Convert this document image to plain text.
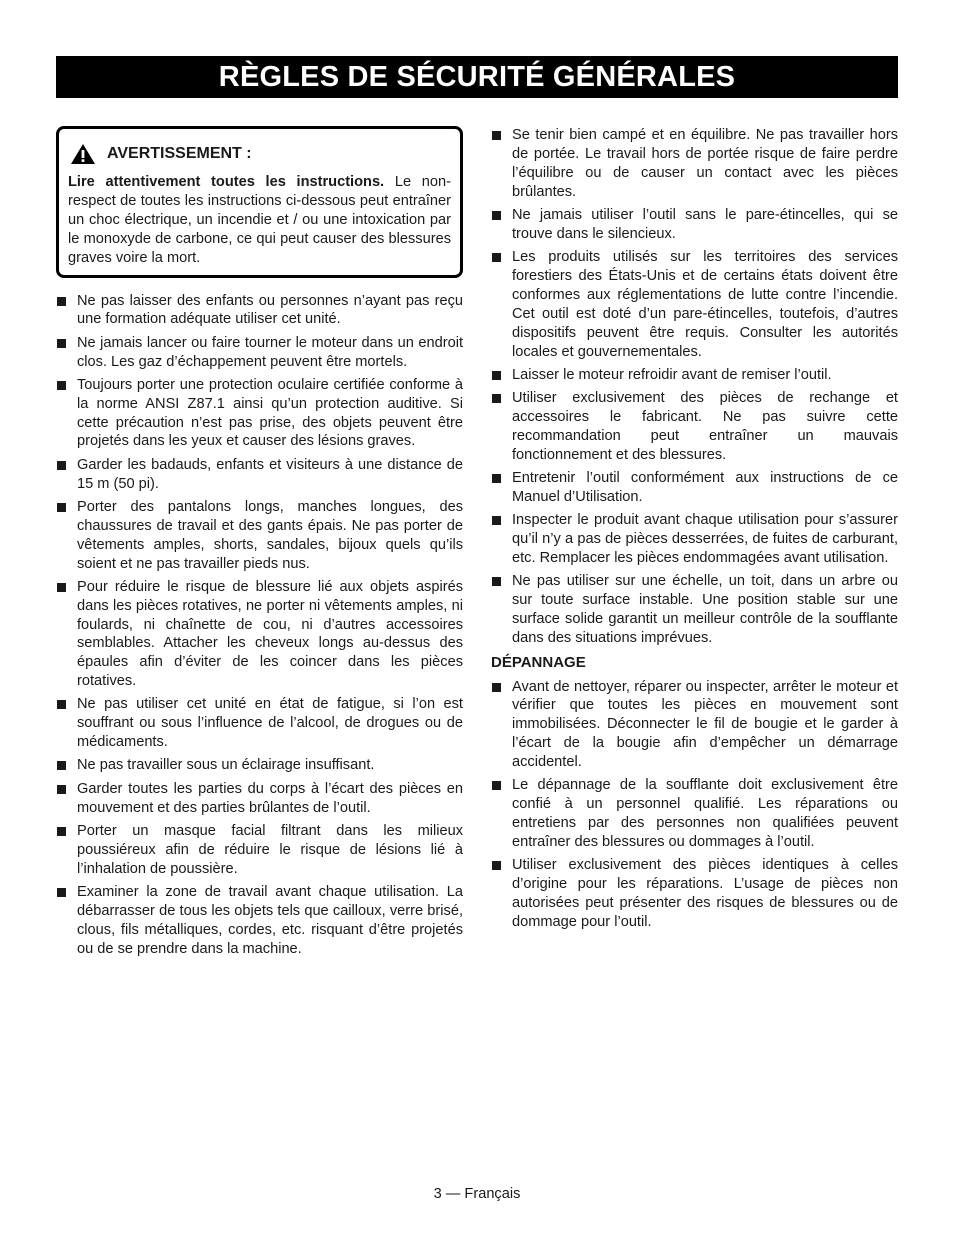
RÈGLES DE SÉCURITÉ GÉNÉRALES
AVERTISSEMENT :
Lire attentivement toutes les instructions. Le non-respect de toutes les instructions ci-dessous peut entraîner un choc électrique, un incendie et / ou une intoxication par le monoxyde de carbone, ce qui peut causer des blessures graves voire la mort.
Ne pas laisser des enfants ou personnes n’ayant pas reçu une formation adéquate utiliser cet unité.
Ne jamais lancer ou faire tourner le moteur dans un endroit clos. Les gaz d’échappement peuvent être mortels.
Toujours porter une protection oculaire certifiée conforme à la norme ANSI Z87.1 ainsi qu’un protection auditive. Si cette précaution n’est pas prise, des objets peuvent être projetés dans les yeux et causer des lésions graves.
Garder les badauds, enfants et visiteurs à une distance de 15 m (50 pi).
Porter des pantalons longs, manches longues, des chaussures de travail et des gants épais. Ne pas porter de vêtements amples, shorts, sandales, bijoux quels qu’ils soient et ne pas travailler pieds nus.
Pour réduire le risque de blessure lié aux objets aspirés dans les pièces rotatives, ne porter ni vêtements amples, ni foulards, ni chaînette de cou, ni d’autres accessoires semblables. Attacher les cheveux longs au-dessus des épaules afin d’éviter de les coincer dans les pièces rotatives.
Ne pas utiliser cet unité en état de fatigue, si l’on est souffrant ou sous l’influence de l’alcool, de drogues ou de médicaments.
Ne pas travailler sous un éclairage insuffisant.
Garder toutes les parties du corps à l’écart des pièces en mouvement et des parties brûlantes de l’outil.
Porter un masque facial filtrant dans les milieux poussiéreux afin de réduire le risque de lésions lié à l’inhalation de poussière.
Examiner la zone de travail avant chaque utilisation. La débarrasser de tous les objets tels que cailloux, verre brisé, clous, fils métalliques, cordes, etc. risquant d’être projetés ou de se prendre dans la machine.
Se tenir bien campé et en équilibre. Ne pas travailler hors de portée. Le travail hors de portée risque de faire perdre l’équilibre ou de causer un contact avec les pièces brûlantes.
Ne jamais utiliser l’outil sans le pare-étincelles, qui se trouve dans le silencieux.
Les produits utilisés sur les territoires des services forestiers des États-Unis et de certains états doivent être conformes aux réglementations de lutte contre l’incendie. Cet outil est doté d’un pare-étincelles, toutefois, d’autres dispositifs peuvent être requis. Consulter les autorités locales et gouvernementales.
Laisser le moteur refroidir avant de remiser l’outil.
Utiliser exclusivement des pièces de rechange et accessoires le fabricant. Ne pas suivre cette recommandation peut entraîner un mauvais fonctionnement et des blessures.
Entretenir l’outil conformément aux instructions de ce Manuel d’Utilisation.
Inspecter le produit avant chaque utilisation pour s’assurer qu’il n’y a pas de pièces desserrées, de fuites de carburant, etc. Remplacer les pièces endommagées avant utilisation.
Ne pas utiliser sur une échelle, un toit, dans un arbre ou sur toute surface instable. Une position stable sur une surface solide garantit un meilleur contrôle de la soufflante dans des situations imprévues.
DÉPANNAGE
Avant de nettoyer, réparer ou inspecter, arrêter le moteur et vérifier que toutes les pièces en mouvement sont immobilisées. Déconnecter le fil de bougie et le garder à l’écart de la bougie afin d’empêcher un démarrage accidentel.
Le dépannage de la soufflante doit exclusivement être confié à un personnel qualifié. Les réparations ou entretiens par des personnes non qualifiées peuvent entraîner des blessures ou dommages à l’outil.
Utiliser exclusivement des pièces identiques à celles d’origine pour les réparations. L’usage de pièces non autorisées peut présenter des risques de blessures ou de dommage pour l’outil.
3 — Français
